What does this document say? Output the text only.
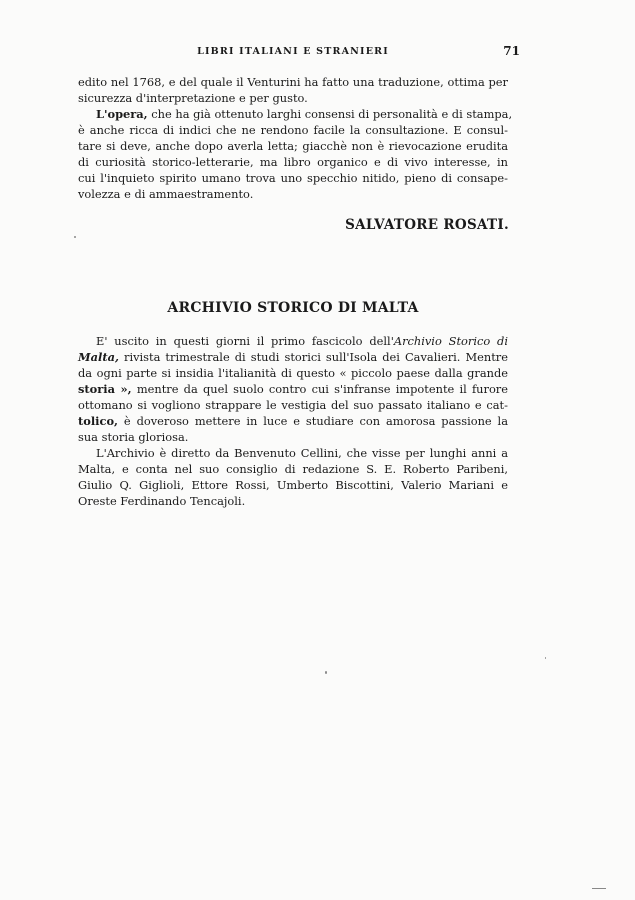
LIBRI ITALIANI E STRANIERI	71
edito nel 1768, e del quale il Venturini ha fatto una traduzione, ottima per
sicurezza d'interpretazione e per gusto.
L'opera, che ha già ottenuto larghi consensi di personalità e di stampa,
è anche ricca di indici che ne rendono facile la consultazione. E consul-
tare si deve, anche dopo averla letta; giacchè non è rievocazione erudita
di curiosità storico-letterarie, ma libro organico e di vivo interesse, in
cui l'inquieto spirito umano trova uno specchio nitido, pieno di consape-
volezza e di ammaestramento.
SALVATORE ROSATI.
ARCHIVIO STORICO DI MALTA
E' uscito in questi giorni il primo fascicolo dell'Archivio Storico di
Malta, rivista trimestrale di studi storici sull'Isola dei Cavalieri. Mentre
da ogni parte si insidia l'italianità di questo « piccolo paese dalla grande
storia », mentre da quel suolo contro cui s'infranse impotente il furore
ottomano si vogliono strappare le vestigia del suo passato italiano e cat-
tolico, è doveroso mettere in luce e studiare con amorosa passione la
sua storia gloriosa.
L'Archivio è diretto da Benvenuto Cellini, che visse per lunghi anni a
Malta, e conta nel suo consiglio di redazione S. E. Roberto Paribeni,
Giulio Q. Giglioli, Ettore Rossi, Umberto Biscottini, Valerio Mariani e
Oreste Ferdinando Tencajoli.
